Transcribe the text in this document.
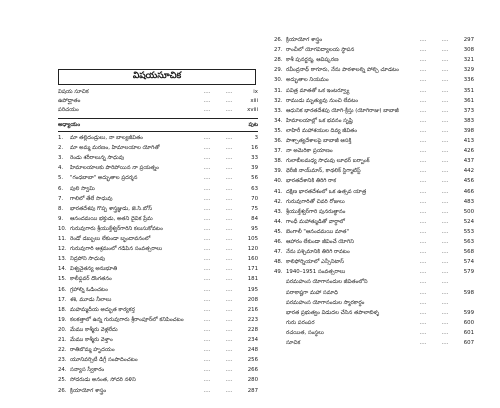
విషయసూచిక
విషయ సూచిక	....	....	ix
ఉపోద్ఘాతం	....	....	xiii
పరిచయం	....	....	xviii
అధ్యాయం	పుట
1.	మా తల్లిదండ్రులు, నా బాల్యజీవితం	....	....	3
2.	మా అమ్మ మరణం, హిమాలయాల యోగితో	....	....	16
3.	రెండు శరీరాలున్న సాధువు	....	....	33
4.	హిమాలయాలకు పారిపోయిన నా ప్రయత్నం	....	....	39
5.	"గంధబాబా" అద్భుతాల ప్రదర్శన	....	....	56
6.	పులి స్వామి	....	....	63
7.	గాలిలో తేలే సాధువు	....	....	70
8.	భారతదేశపు గొప్ప శాస్త్రజ్ఞుడు, జె.సి.బోస్	....	....	75
9.	ఆనందమయి భక్తుడు, అతని దైవిక ప్రేమ	....	....	84
10. గురువుగారు శ్రీయుక్తేశ్వర్‌గారిని కలుసుకోవటం	....	....	95
11. రెండో డబ్బులు లేకుండా బృందావనంలో	....	....	105
12. గురువుగారి ఆశ్రమంలో గడిపిన సంవత్సరాలు	....	....	120
13. నిద్రపోని సాధువు	....	....	160
14. విశ్వచైతన్య అనుభూతి	....	....	171
15. కాలీఫ్లవర్ దొంగతనం	....	....	181
16. గ్రహాల్ని ఓడించటం	....	....	195
17. శశి, మూడు నీలాలు	....	....	208
18. మహమ్మదీయ అద్భుత కార్యకర్త	....	....	216
19. కలకత్తాలో ఉన్న గురువుగారు శ్రీరాంపూర్‌లో కనిపించటం	....	....	223
20. మేము కాశ్మీరు వెళ్లలేదు	....	....	228
21. మేము కాశ్మీరు వెళ్తాం	....	....	234
22. రాతిబొమ్మ హృదయం	....	....	248
23. యూనివర్సిటీ డిగ్రీ సంపాదించటం	....	....	256
24. సన్యాస స్వీకారం	....	....	266
25. సోదరుడు అనంత, సోదరి నళిని	....	....	280
26. క్రియాయోగ శాస్త్రం	....	....	287
26. క్రియాయోగ శాస్త్రం	....	....	297
27. రాంచీలో యోగవిద్యాలయ స్థాపన	....	....	308
28. కాశీ పునర్జన్మ, ఆవిష్కరణ	....	....	321
29. రవీంద్రనాథ్ ఠాగూరు, నేను పాఠశాలల్ని పోల్చి చూడటం	....	....	329
30. అద్భుతాల నియమం	....	....	336
31. పవిత్ర మాతతో ఒక ఇంటర్వ్యూ	....	....	351
32. రాముడు మృత్యువు నుంచి లేవటం	....	....	361
33. ఆధునిక భారతదేశపు యోగి-క్రీస్తు (యోగిరాజు) బాబాజీ	....	....	373
34. హిమాలయాల్లో ఒక భవనం సృష్టి	....	....	383
35. లాహిరీ మహాశయుల దివ్య జీవితం	....	....	398
36. పాశ్చాత్యదేశాలపై బాబాజీ ఆసక్తి	....	....	413
37. నా అమెరికా ప్రయాణం	....	....	426
38. గులాబీలమధ్య సాధువు లూథర్ బర్బాంక్	....	....	437
39. థెరీజీ నాయ్‌మాన్, కాథలిక్ స్టిగ్మాటిస్ట్	....	....	442
40. భారతదేశానికి తిరిగి రాక	....	....	456
41. దక్షిణ భారతదేశంలో ఒక ఉత్సవ యాత్ర	....	....	466
42. గురువుగారితో చివరి రోజులు	....	....	483
43. శ్రీయుక్తేశ్వర్‌గారి పునరుత్థానం	....	....	500
44. గాంధీ మహాత్ముడితో వార్ధాలో	....	....	524
45. బెంగాలీ "ఆనందమయి మాత"	....	....	553
46. ఆహారం లేకుండా జీవించే యోగిని	....	....	563
47. నేను పశ్చిమానికి తిరిగి రావటం	....	....	568
48. కాలిఫోర్నియాలో ఎన్సీనిటాస్	....	....	574
49. 1940–1951 సంవత్సరాలు	....	....	579
పరమహంస యోగానందుల జీవితంలోని	....	....
పరాకాష్టగా మహా సమాధి	....	....	598
పరమహంస యోగానందుల స్మారకార్థం	....	....
భారత ప్రభుత్వం విడుదల చేసిన తపాలాబిళ్ళ	....	....	599
గురు పరంపర	....	....	600
రచయిత, సంస్థలు	....	....	601
సూచిక	....	....	607
